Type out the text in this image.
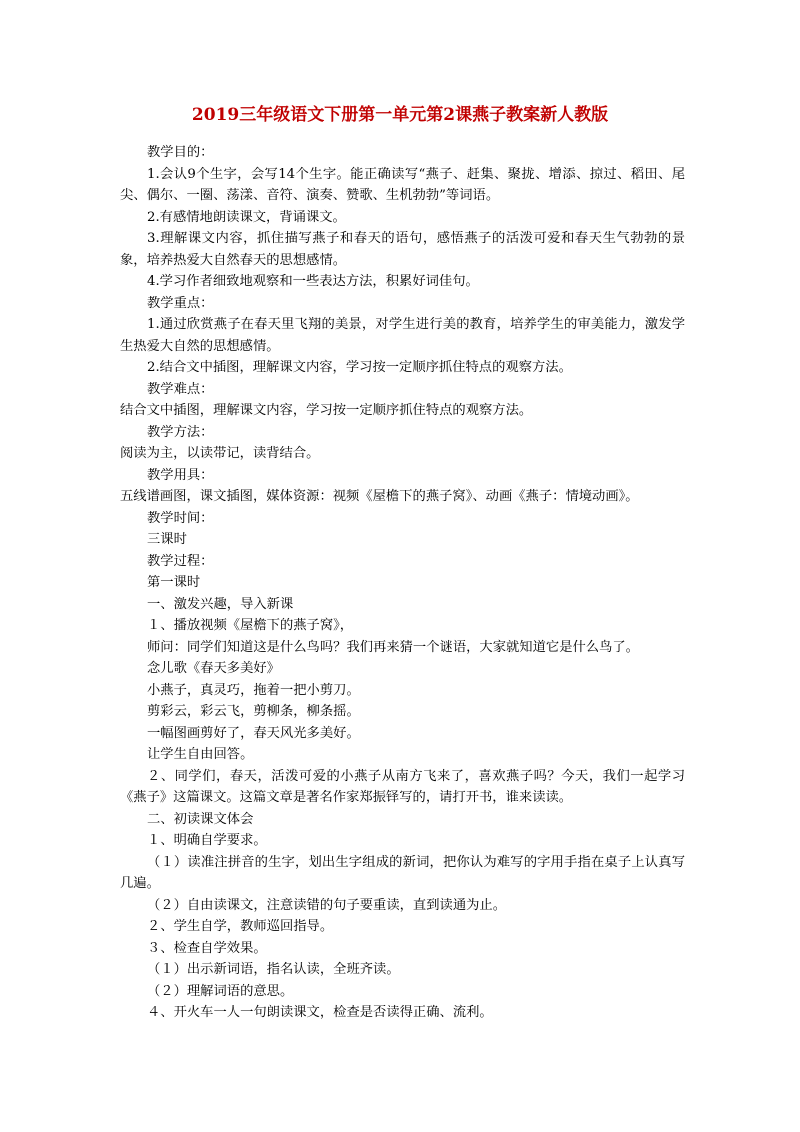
2019三年级语文下册第一单元第2课燕子教案新人教版

教学目的：

1.会认9个生字，会写14个生字。能正确读写“燕子、赶集、聚拢、增添、掠过、稻田、尾尖、偶尔、一圈、荡漾、音符、演奏、赞歌、生机勃勃”等词语。

2.有感情地朗读课文，背诵课文。

3.理解课文内容，抓住描写燕子和春天的语句，感悟燕子的活泼可爱和春天生气勃勃的景象，培养热爱大自然春天的思想感情。

4.学习作者细致地观察和一些表达方法，积累好词佳句。

教学重点：

1.通过欣赏燕子在春天里飞翔的美景，对学生进行美的教育，培养学生的审美能力，激发学生热爱大自然的思想感情。

2.结合文中插图，理解课文内容，学习按一定顺序抓住特点的观察方法。

教学难点：

结合文中插图，理解课文内容，学习按一定顺序抓住特点的观察方法。

教学方法：

阅读为主，以读带记，读背结合。

教学用具：

五线谱画图，课文插图，媒体资源：视频《屋檐下的燕子窝》、动画《燕子：情境动画》。

教学时间：

三课时

教学过程：

第一课时

一、激发兴趣，导入新课

１、播放视频《屋檐下的燕子窝》，

师问：同学们知道这是什么鸟吗？我们再来猜一个谜语，大家就知道它是什么鸟了。

念儿歌《春天多美好》

小燕子，真灵巧，拖着一把小剪刀。

剪彩云，彩云飞，剪柳条，柳条摇。

一幅图画剪好了，春天风光多美好。

让学生自由回答。

２、同学们，春天，活泼可爱的小燕子从南方飞来了，喜欢燕子吗？今天，我们一起学习《燕子》这篇课文。这篇文章是著名作家郑振铎写的，请打开书，谁来读读。

二、初读课文体会

１、明确自学要求。

（１）读准注拼音的生字，划出生字组成的新词，把你认为难写的字用手指在桌子上认真写几遍。

（２）自由读课文，注意读错的句子要重读，直到读通为止。

２、学生自学，教师巡回指导。

３、检查自学效果。

（１）出示新词语，指名认读，全班齐读。

（２）理解词语的意思。

４、开火车一人一句朗读课文，检查是否读得正确、流利。
